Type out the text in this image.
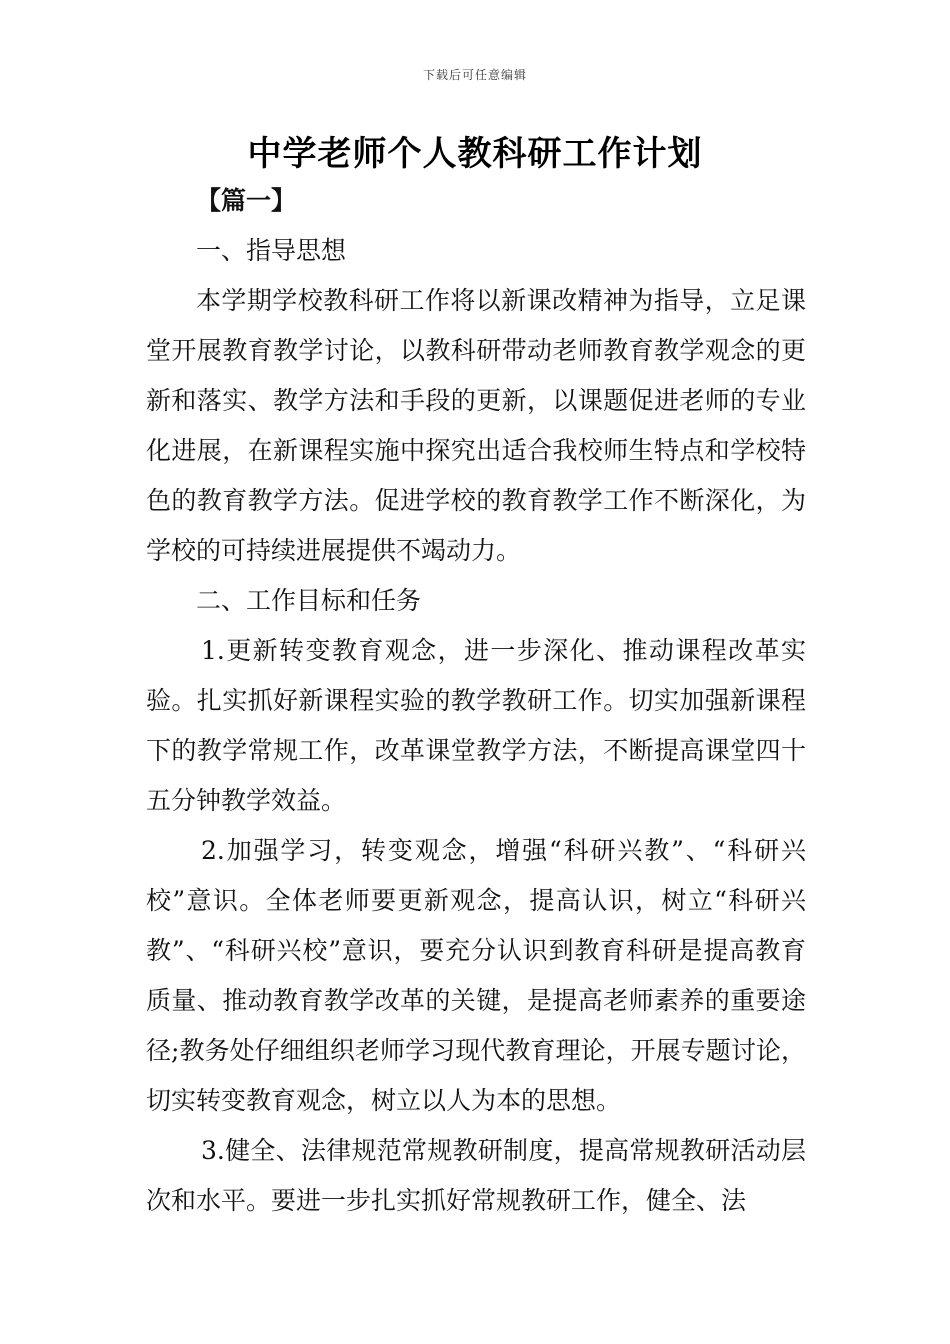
下载后可任意编辑
中学老师个人教科研工作计划

【篇一】

一、指导思想

本学期学校教科研工作将以新课改精神为指导，立足课堂开展教育教学讨论，以教科研带动老师教育教学观念的更新和落实、教学方法和手段的更新，以课题促进老师的专业化进展，在新课程实施中探究出适合我校师生特点和学校特色的教育教学方法。促进学校的教育教学工作不断深化，为学校的可持续进展提供不竭动力。

二、工作目标和任务

1.更新转变教育观念，进一步深化、推动课程改革实验。扎实抓好新课程实验的教学教研工作。切实加强新课程下的教学常规工作，改革课堂教学方法，不断提高课堂四十五分钟教学效益。

2.加强学习，转变观念，增强“科研兴教”、“科研兴校”意识。全体老师要更新观念，提高认识，树立“科研兴教”、“科研兴校”意识，要充分认识到教育科研是提高教育质量、推动教育教学改革的关键，是提高老师素养的重要途径;教务处仔细组织老师学习现代教育理论，开展专题讨论，切实转变教育观念，树立以人为本的思想。

3.健全、法律规范常规教研制度，提高常规教研活动层次和水平。要进一步扎实抓好常规教研工作，健全、法
